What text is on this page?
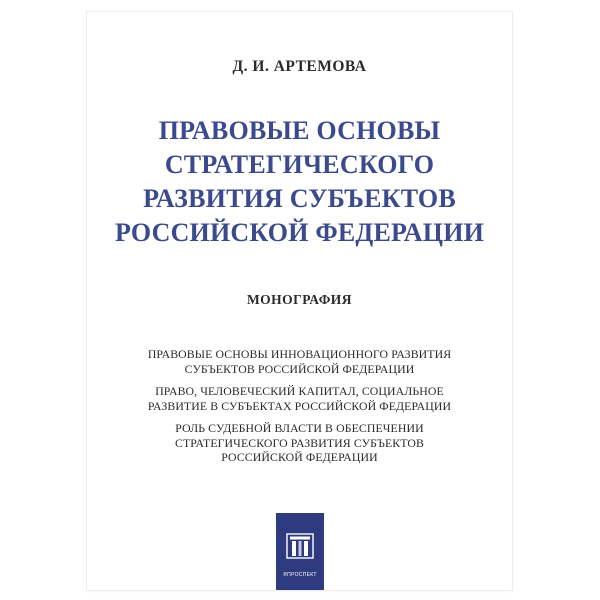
Д. И. АРТЕМОВА
ПРАВОВЫЕ ОСНОВЫ
СТРАТЕГИЧЕСКОГО
РАЗВИТИЯ СУБЪЕКТОВ
РОССИЙСКОЙ ФЕДЕРАЦИИ
МОНОГРАФИЯ
ПРАВОВЫЕ ОСНОВЫ ИННОВАЦИОННОГО РАЗВИТИЯ
СУБЪЕКТОВ РОССИЙСКОЙ ФЕДЕРАЦИИ
ПРАВО, ЧЕЛОВЕЧЕСКИЙ КАПИТАЛ, СОЦИАЛЬНОЕ
РАЗВИТИЕ В СУБЪЕКТАХ РОССИЙСКОЙ ФЕДЕРАЦИИ
РОЛЬ СУДЕБНОЙ ВЛАСТИ В ОБЕСПЕЧЕНИИ
СТРАТЕГИЧЕСКОГО РАЗВИТИЯ СУБЪЕКТОВ
РОССИЙСКОЙ ФЕДЕРАЦИИ
®ПРОСПЕКТ
